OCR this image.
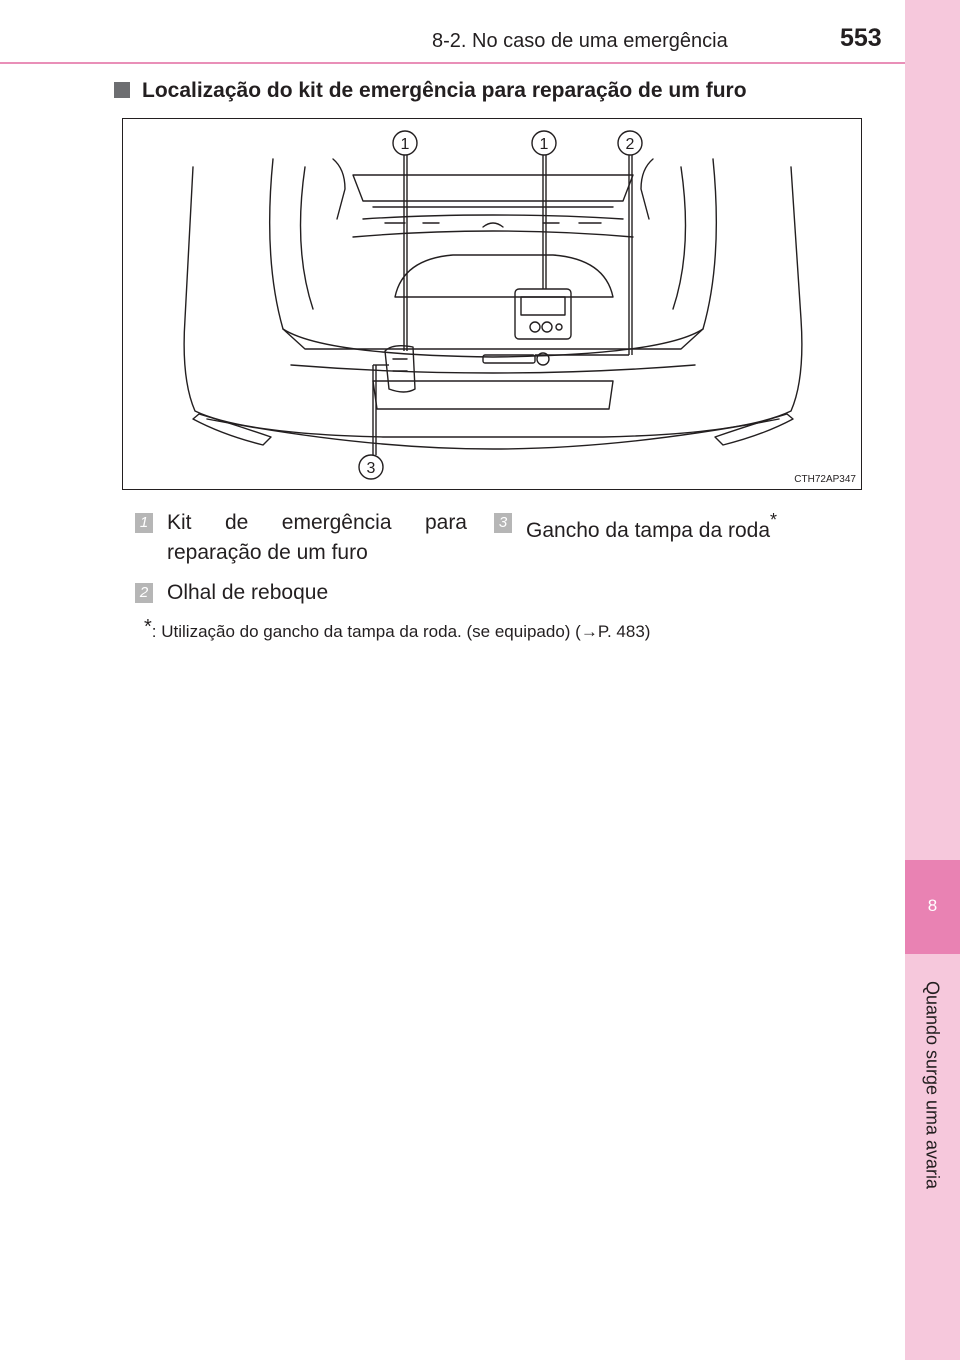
8-2. No caso de uma emergência	553
8
Quando surge uma avaria
Localização do kit de emergência para reparação de um furo
1	1	2
3
CTH72AP347
1 Kit de emergência para
reparação de um furo
3 Gancho da tampa da roda*
2 Olhal de reboque
*: Utilização do gancho da tampa da roda. (se equipado) (→P. 483)
